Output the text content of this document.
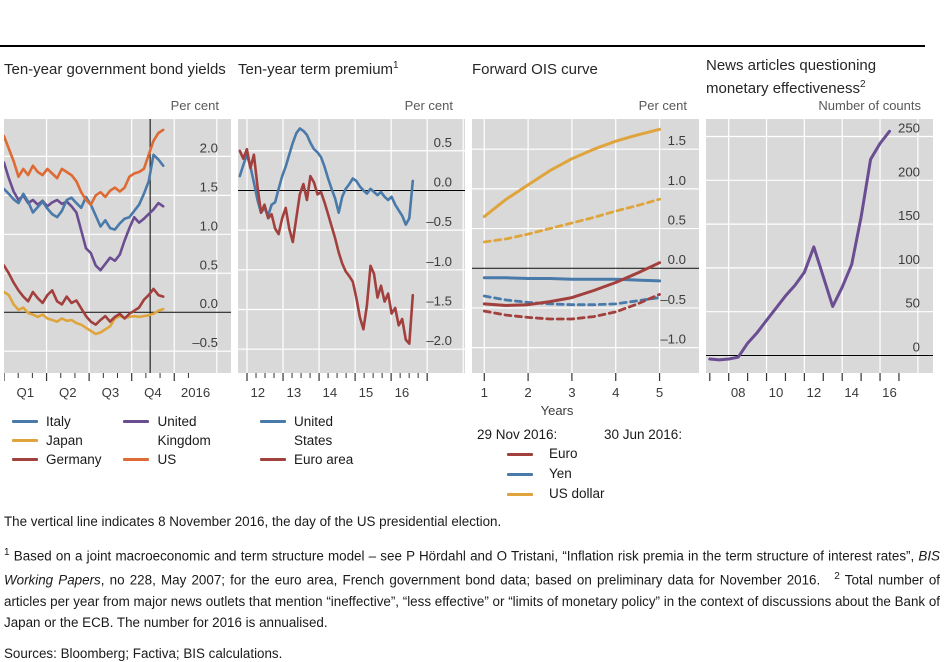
Ten-year government bond yields
Per cent
2.0
1.5
1.0
0.5
0.0
–0.5
Q1 Q2 Q3 Q4 2016
Italy
Japan
Germany
United Kingdom
US
Ten-year term premium$^1$
Per cent
0.5
0.0
–0.5
–1.0
–1.5
–2.0
12 13 14 15 16
United States
Euro area
Forward OIS curve
Per cent
1.5
1.0
0.5
0.0
–0.5
–1.0
1	2	3	4	5
Years
29 Nov 2016:	30 Jun 2016:
Euro
Yen
US dollar
News articles questioning monetary effectiveness$^2$
Number of counts
250
200
150
100
50
0
08 10 12 14 16

The vertical line indicates 8 November 2016, the day of the US presidential election.

$^1$ Based on a joint macroeconomic and term structure model – see P Hördahl and O Tristani, “Inflation risk premia in the term structure of interest rates”, BIS Working Papers, no 228, May 2007; for the euro area, French government bond data; based on preliminary data for November 2016. $^2$ Total number of articles per year from major news outlets that mention “ineffective”, “less effective” or “limits of monetary policy” in the context of discussions about the Bank of Japan or the ECB. The number for 2016 is annualised.

Sources: Bloomberg; Factiva; BIS calculations.
